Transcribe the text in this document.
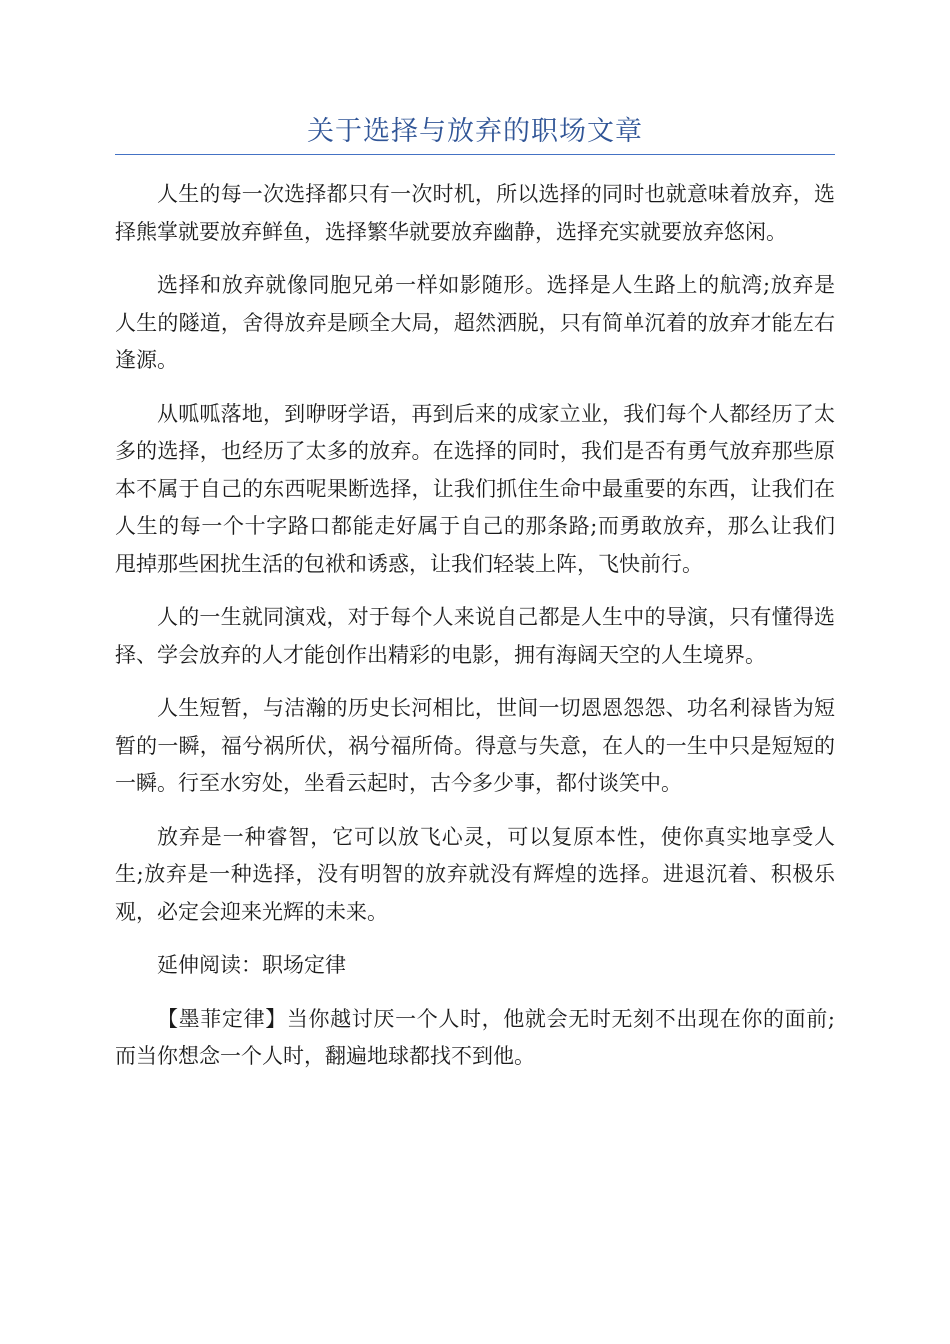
关于选择与放弃的职场文章

人生的每一次选择都只有一次时机，所以选择的同时也就意味着放弃，选择熊掌就要放弃鲜鱼，选择繁华就要放弃幽静，选择充实就要放弃悠闲。

选择和放弃就像同胞兄弟一样如影随形。选择是人生路上的航湾;放弃是人生的隧道，舍得放弃是顾全大局，超然洒脱，只有简单沉着的放弃才能左右逢源。

从呱呱落地，到咿呀学语，再到后来的成家立业，我们每个人都经历了太多的选择，也经历了太多的放弃。在选择的同时，我们是否有勇气放弃那些原本不属于自己的东西呢果断选择，让我们抓住生命中最重要的东西，让我们在人生的每一个十字路口都能走好属于自己的那条路;而勇敢放弃，那么让我们甩掉那些困扰生活的包袱和诱惑，让我们轻装上阵，飞快前行。

人的一生就同演戏，对于每个人来说自己都是人生中的导演，只有懂得选择、学会放弃的人才能创作出精彩的电影，拥有海阔天空的人生境界。

人生短暂，与洁瀚的历史长河相比，世间一切恩恩怨怨、功名利禄皆为短暂的一瞬，福兮祸所伏，祸兮福所倚。得意与失意，在人的一生中只是短短的一瞬。行至水穷处，坐看云起时，古今多少事，都付谈笑中。

放弃是一种睿智，它可以放飞心灵，可以复原本性，使你真实地享受人生;放弃是一种选择，没有明智的放弃就没有辉煌的选择。进退沉着、积极乐观，必定会迎来光辉的未来。

延伸阅读：职场定律

【墨菲定律】当你越讨厌一个人时，他就会无时无刻不出现在你的面前;而当你想念一个人时，翻遍地球都找不到他。
